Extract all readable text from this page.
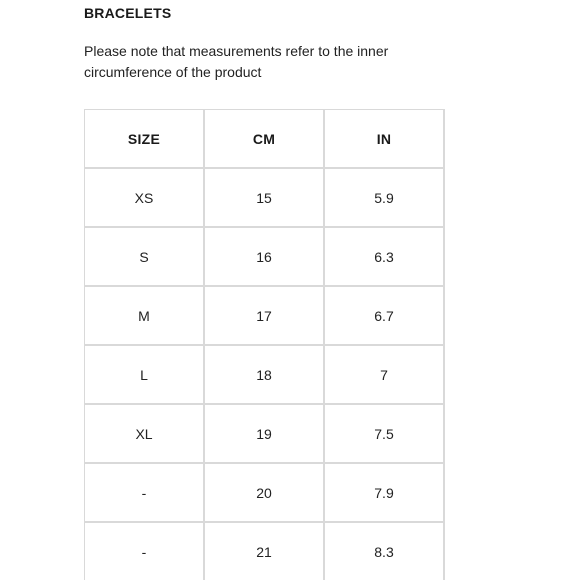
BRACELETS
Please note that measurements refer to the inner circumference of the product
SIZE	CM	IN
XS	15	5.9
S	16	6.3
M	17	6.7
L	18	7
XL	19	7.5
-	20	7.9
-	21	8.3
